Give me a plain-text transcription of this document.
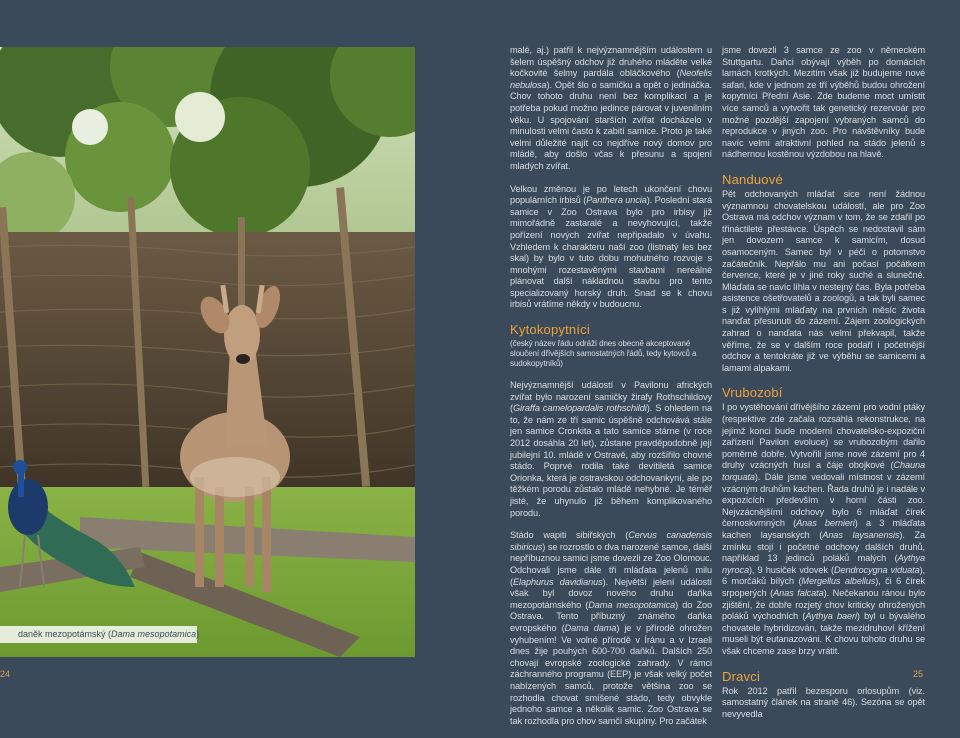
daněk mezopotámský (Dama mesopotamica)

malé, aj.) patřil k nejvýznamnějším událostem u šelem úspěšný odchov již druhého mláděte velké kočkovité šelmy pardála obláčkového (Neofelis nebulosa). Opět šlo o samičku a opět o jedináčka. Chov tohoto druhu není bez komplikací a je potřeba pokud možno jedince párovat v juvenilním věku. U spojování starších zvířat docházelo v minulosti velmi často k zabití samice. Proto je také velmi důležité najít co nejdříve nový domov pro mládě, aby došlo včas k přesunu a spojení mladých zvířat.

Velkou změnou je po letech ukončení chovu populárních irbisů (Panthera uncia). Poslední stará samice v Zoo Ostrava bylo pro irbisy již mimořádně zastaralé a nevyhovující, takže pořízení nových zvířat nepřipadalo v úvahu. Vzhledem k charakteru naší zoo (listnatý les bez skal) by bylo v tuto dobu mohutného rozvoje s mnohými rozestavěnými stavbami nereálné plánovat další nákladnou stavbu pro tento specializovaný horský druh. Snad se k chovu irbisů vrátíme někdy v budoucnu.

Kytokopytníci
(český název řádu odráží dnes obecně akceptované sloučení dřívějších samostatných řádů, tedy kytovců a sudokopytníků)

Nejvýznamnější událostí v Pavilonu afrických zvířat bylo narození samičky žirafy Rothschildovy (Giraffa camelopardalis rothschildi). S ohledem na to, že nám ze tří samic úspěšně odchovává stále jen samice Cronkita a tato samice stárne (v roce 2012 dosáhla 20 let), zůstane pravděpodobně její jubilejní 10. mládě v Ostravě, aby rozšířilo chovné stádo. Poprvé rodila také devítiletá samice Orionka, která je ostravskou odchovankyní, ale po těžkém porodu zůstalo mládě nehybné. Je téměř jisté, že uhynulo již během komplikovaného porodu.

Stádo wapiti sibiřských (Cervus canadensis sibiricus) se rozrostlo o dva narozené samce, další nepříbuznou samici jsme dovezli ze Zoo Olomouc. Odchovali jsme dále tři mláďata jelenů milu (Elaphurus davidianus). Největší jelení událostí však byl dovoz nového druhu daňka mezopotámského (Dama mesopotamica) do Zoo Ostrava. Tento příbuzný známého daňka evropského (Dama dama) je v přírodě ohrožen vyhubením! Ve volné přírodě v Íránu a v Izraeli dnes žije pouhých 600-700 daňků. Dalších 250 chovají evropské zoologické zahrady. V rámci záchranného programu (EEP) je však velký počet nabízených samců, protože většina zoo se rozhodla chovat smíšené stádo, tedy obvykle jednoho samce a několik samic. Zoo Ostrava se tak rozhodla pro chov samčí skupiny. Pro začátek

jsme dovezli 3 samce ze zoo v německém Stuttgartu. Daňci obývají výběh po domácích lamách krotkých. Mezitím však již budujeme nové safari, kde v jednom ze tří výběhů budou ohrožení kopytníci Přední Asie. Zde budeme moct umístit více samců a vytvořit tak genetický rezervoár pro možné pozdější zapojení vybraných samců do reprodukce v jiných zoo. Pro návštěvníky bude navíc velmi atraktivní pohled na stádo jelenů s nádhernou kostěnou výzdobou na hlavě.

Nanduové

Pět odchovaných mláďat sice není žádnou významnou chovatelskou událostí, ale pro Zoo Ostrava má odchov význam v tom, že se zdařil po třináctileté přestávce. Úspěch se nedostavil sám jen dovozem samce k samicím, dosud osamoceným. Samec byl v péči o potomstvo začátečník. Nepřálo mu ani počasí počátkem července, které je v jiné roky suché a slunečné. Mláďata se navíc líhla v nestejný čas. Byla potřeba asistence ošetřovatelů a zoologů, a tak byli samec s již vylíhlými mláďaty na prvních měsíc života nanďat přesunuti do zázemí. Zájem zoologických zahrad o nanďata nás velmi překvapil, takže věříme, že se v dalším roce podaří i početnější odchov a tentokráte již ve výběhu se samicemi a lamami alpakami.

Vrubozobí

I po vystěhování dřívějšího zázemí pro vodní ptáky (respektive zde začala rozsáhlá rekonstrukce, na jejímž konci bude moderní chovatelsko-expoziční zařízení Pavilon evoluce) se vrubozobým dařilo poměrně dobře. Vytvořili jsme nové zázemí pro 4 druhy vzácných husí a čáje obojkové (Chauna torquata). Dále jsme vedovali místnost v zázemí vzácným druhům kachen. Řada druhů je i nadále v expozicích především v horní části zoo. Nejvzácnějšími odchovy bylo 6 mláďat čírek černoskvrnných (Anas bernieri) a 3 mláďata kachen laysanských (Anas laysanensis). Za zmínku stojí i početné odchovy dalších druhů, například 13 jedinců poláků malých (Aythya nyroca), 9 husiček vdovek (Dendrocygna viduata), 6 morčáků bílých (Mergellus albellus), či 6 čírek srpoperých (Anas falcata). Nečekanou ránou bylo zjištění, že dobře rozjetý chov kriticky ohrožených poláků východních (Aythya baeri) byl u bývalého chovatele hybridizován, takže mezidruhoví křížení museli být eutanazováni. K chovu tohoto druhu se však chceme zase brzy vrátit.

Dravci

Rok 2012 patřil bezesporu orlosupům (viz. samostatný článek na straně 46). Sezóna se opět nevyvedla

24	25
